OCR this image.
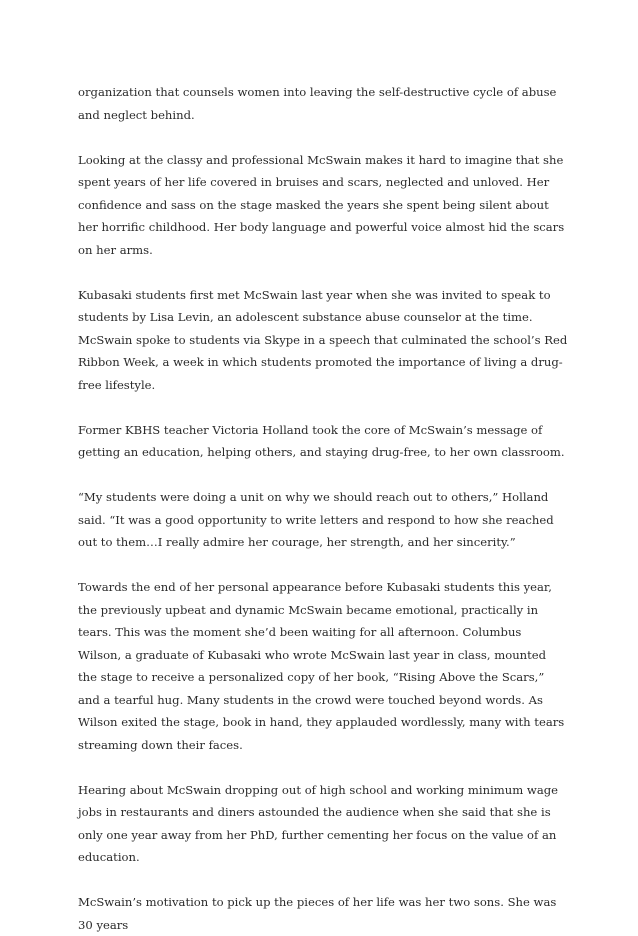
organization that counsels women into leaving the self-destructive cycle of abuse and neglect behind.

Looking at the classy and professional McSwain makes it hard to imagine that she spent years of her life covered in bruises and scars, neglected and unloved. Her confidence and sass on the stage masked the years she spent being silent about her horrific childhood. Her body language and powerful voice almost hid the scars on her arms.

Kubasaki students first met McSwain last year when she was invited to speak to students by Lisa Levin, an adolescent substance abuse counselor at the time. McSwain spoke to students via Skype in a speech that culminated the school’s Red Ribbon Week, a week in which students promoted the importance of living a drug-free lifestyle.

Former KBHS teacher Victoria Holland took the core of McSwain’s message of getting an education, helping others, and staying drug-free, to her own classroom.

“My students were doing a unit on why we should reach out to others,” Holland said. “It was a good opportunity to write letters and respond to how she reached out to them…I really admire her courage, her strength, and her sincerity.”

Towards the end of her personal appearance before Kubasaki students this year, the previously upbeat and dynamic McSwain became emotional, practically in tears. This was the moment she’d been waiting for all afternoon. Columbus Wilson, a graduate of Kubasaki who wrote McSwain last year in class, mounted the stage to receive a personalized copy of her book, “Rising Above the Scars,” and a tearful hug. Many students in the crowd were touched beyond words. As Wilson exited the stage, book in hand, they applauded wordlessly, many with tears streaming down their faces.

Hearing about McSwain dropping out of high school and working minimum wage jobs in restaurants and diners astounded the audience when she said that she is only one year away from her PhD, further cementing her focus on the value of an education.

McSwain’s motivation to pick up the pieces of her life was her two sons. She was 30 years
